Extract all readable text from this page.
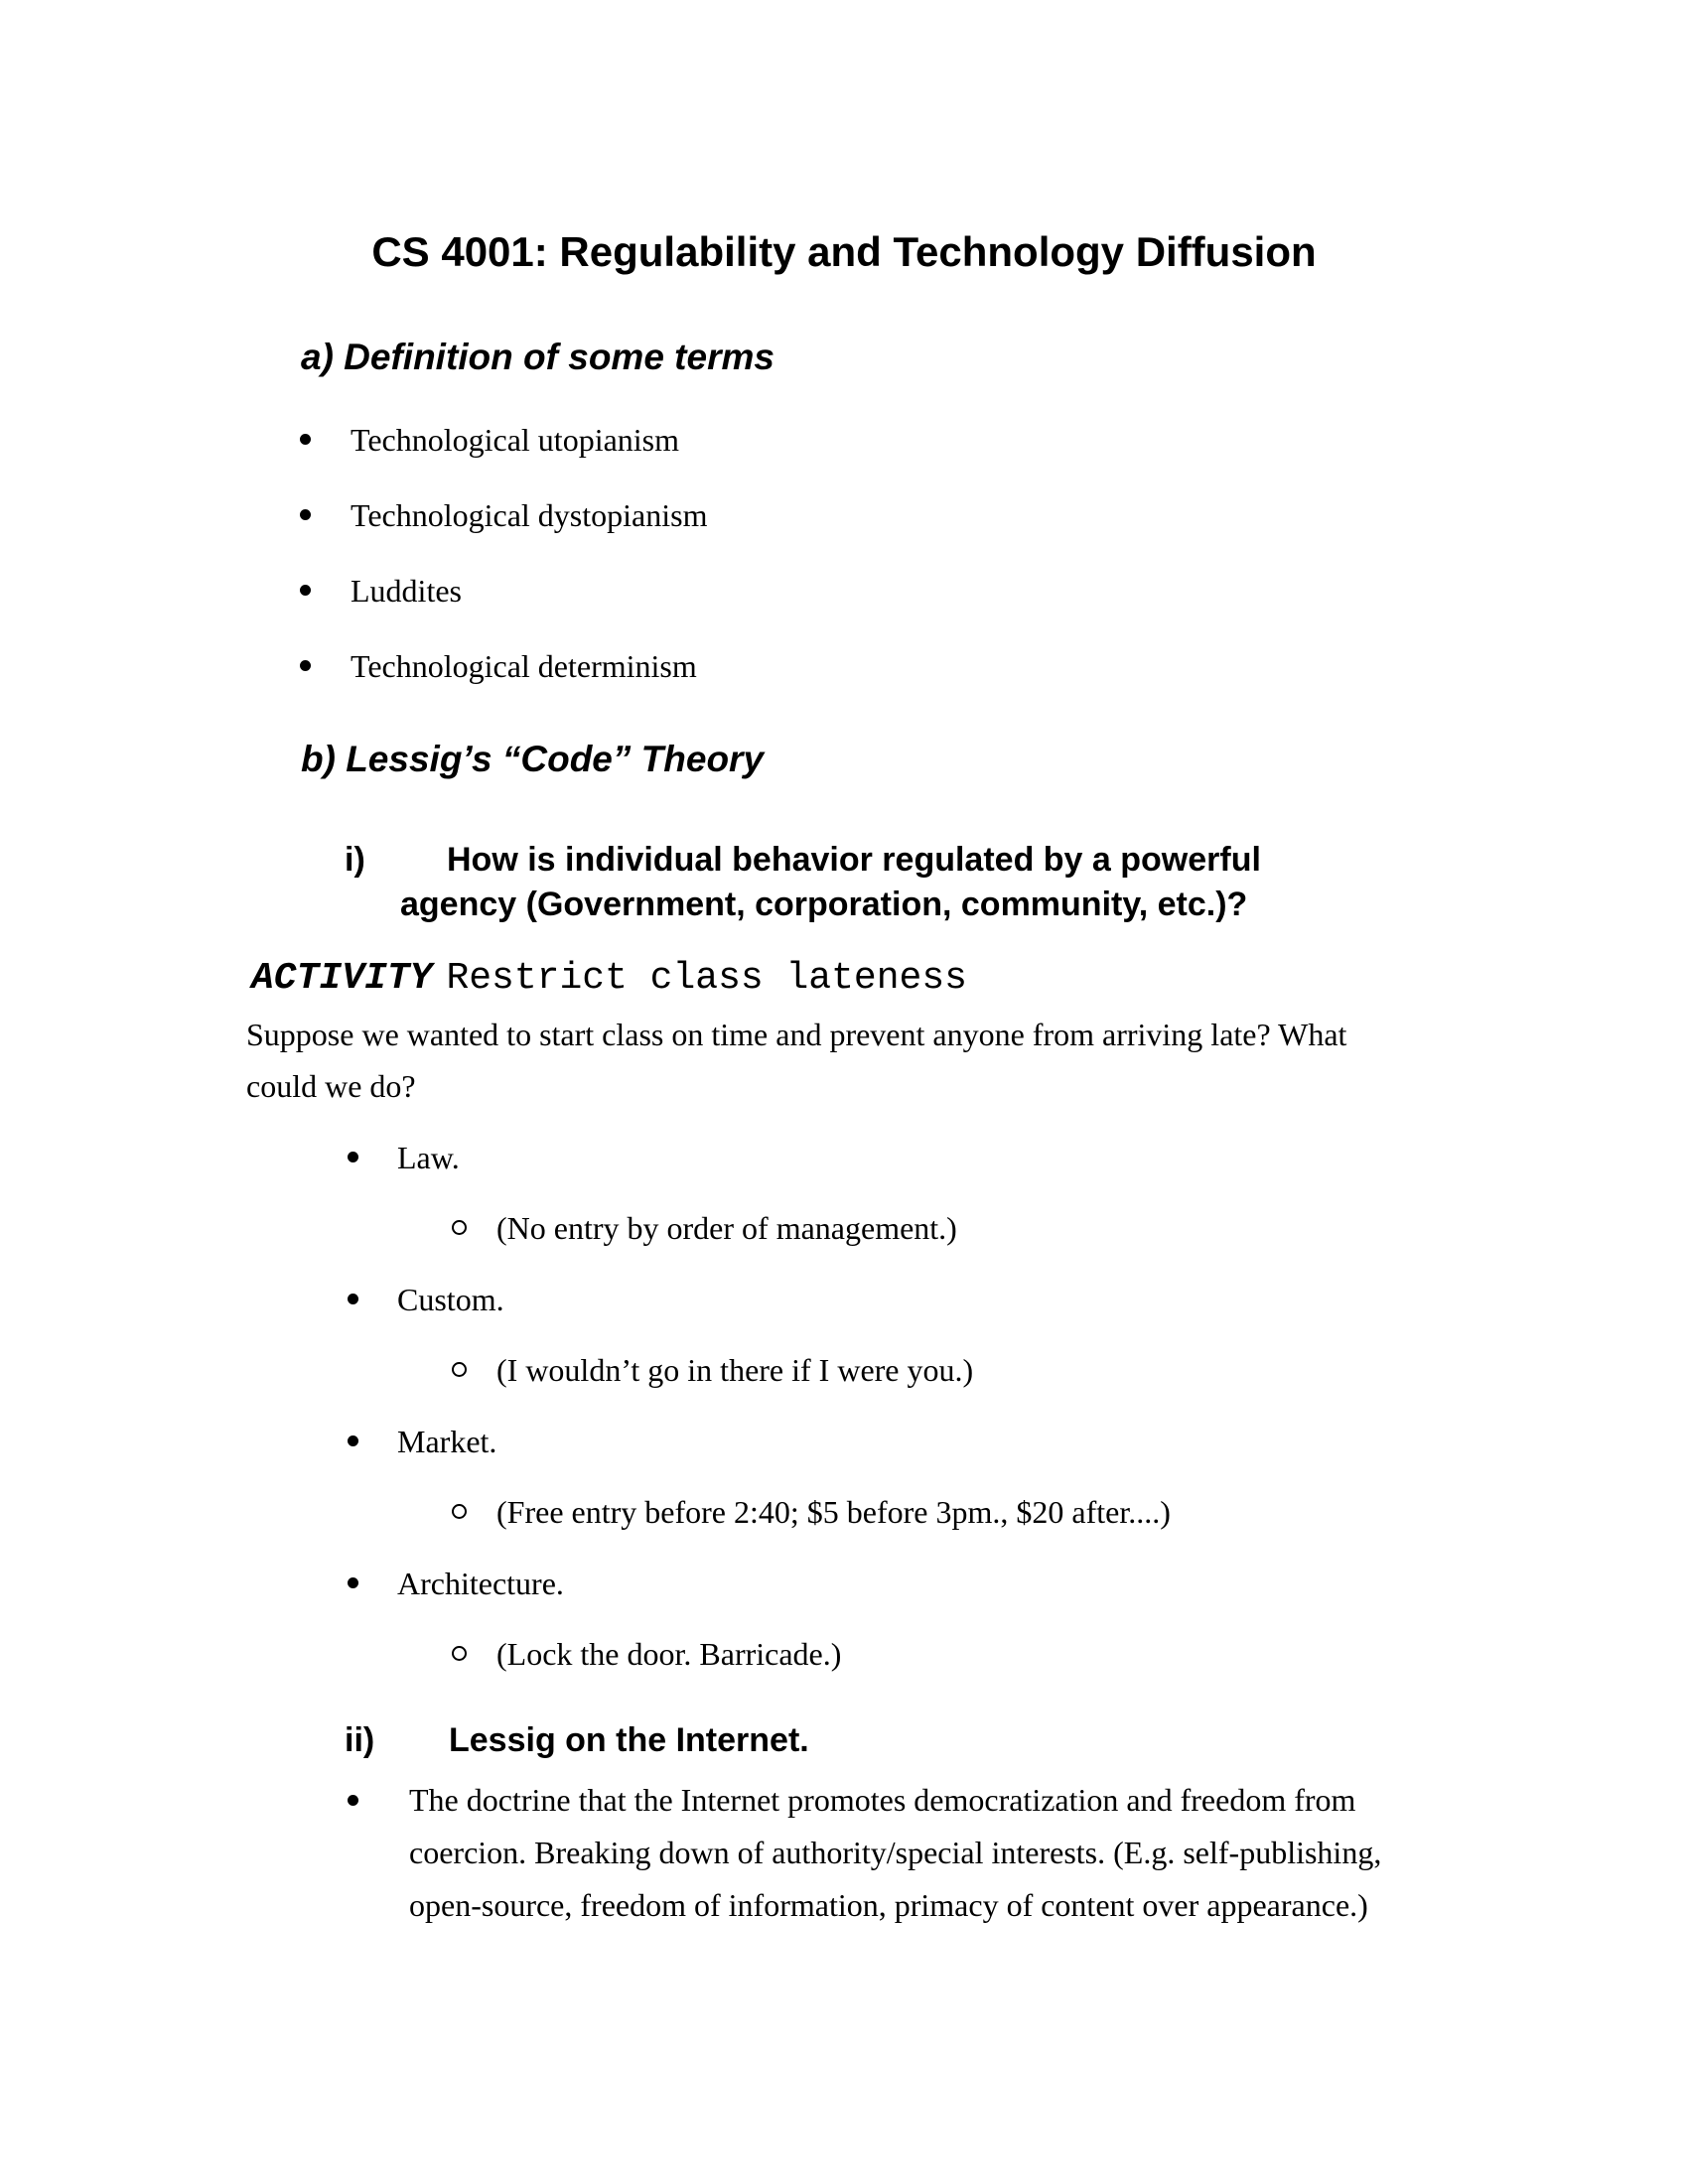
CS 4001: Regulability and Technology Diffusion
a) Definition of some terms
Technological utopianism
Technological dystopianism
Luddites
Technological determinism
b) Lessig’s “Code” Theory
i) How is individual behavior regulated by a powerful
agency (Government, corporation, community, etc.)?
ACTIVITY Restrict class lateness

Suppose we wanted to start class on time and prevent anyone from arriving late? What could we do?

Law.
(No entry by order of management.)
Custom.
(I wouldn’t go in there if I were you.)
Market.
(Free entry before 2:40; $5 before 3pm., $20 after....)
Architecture.
(Lock the door. Barricade.)
ii) Lessig on the Internet.
The doctrine that the Internet promotes democratization and freedom from coercion. Breaking down of authority/special interests. (E.g. self-publishing, open-source, freedom of information, primacy of content over appearance.)
